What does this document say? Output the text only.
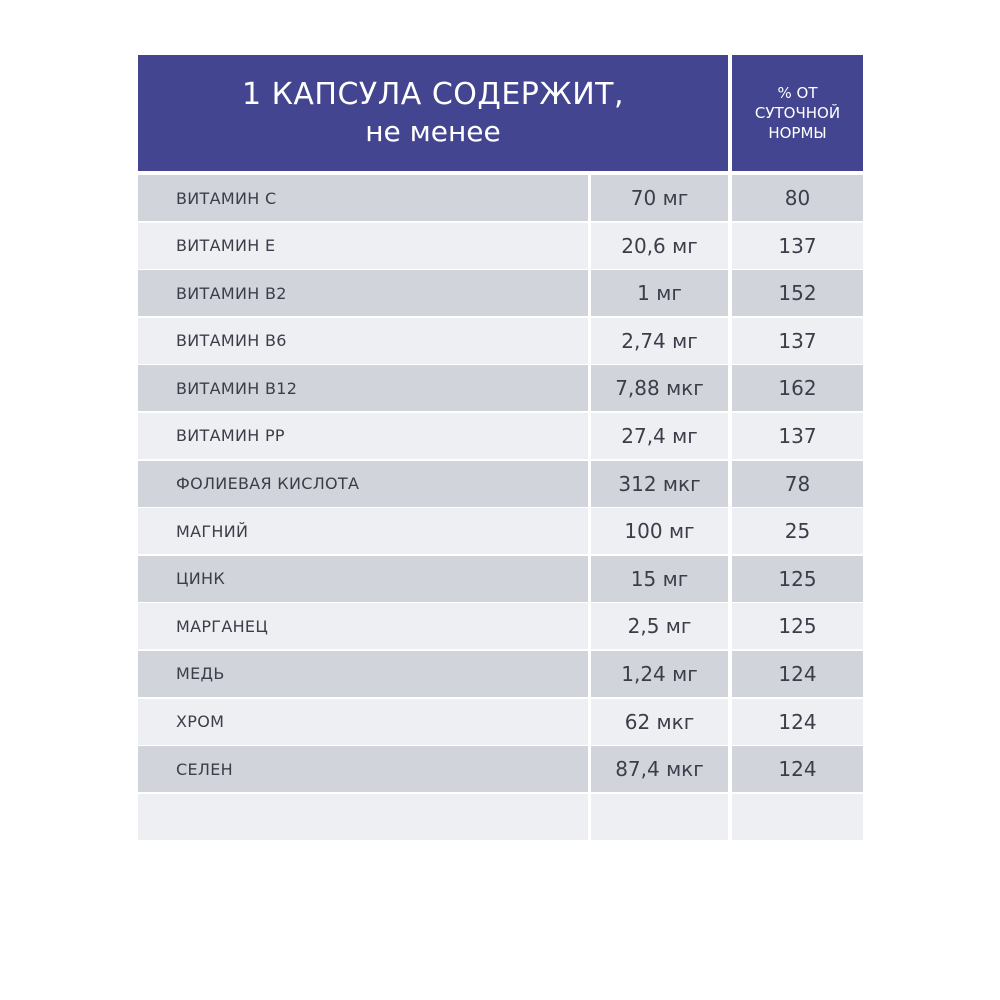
1 КАПСУЛА СОДЕРЖИТ,
не менее
% ОТ
СУТОЧНОЙ
НОРМЫ
ВИТАМИН С	70 мг	80
ВИТАМИН Е	20,6 мг	137
ВИТАМИН В2	1 мг	152
ВИТАМИН В6	2,74 мг	137
ВИТАМИН В12	7,88 мкг	162
ВИТАМИН РР	27,4 мг	137
ФОЛИЕВАЯ КИСЛОТА	312 мкг	78
МАГНИЙ	100 мг	25
ЦИНК	15 мг	125
МАРГАНЕЦ	2,5 мг	125
МЕДЬ	1,24 мг	124
ХРОМ	62 мкг	124
СЕЛЕН	87,4 мкг	124
